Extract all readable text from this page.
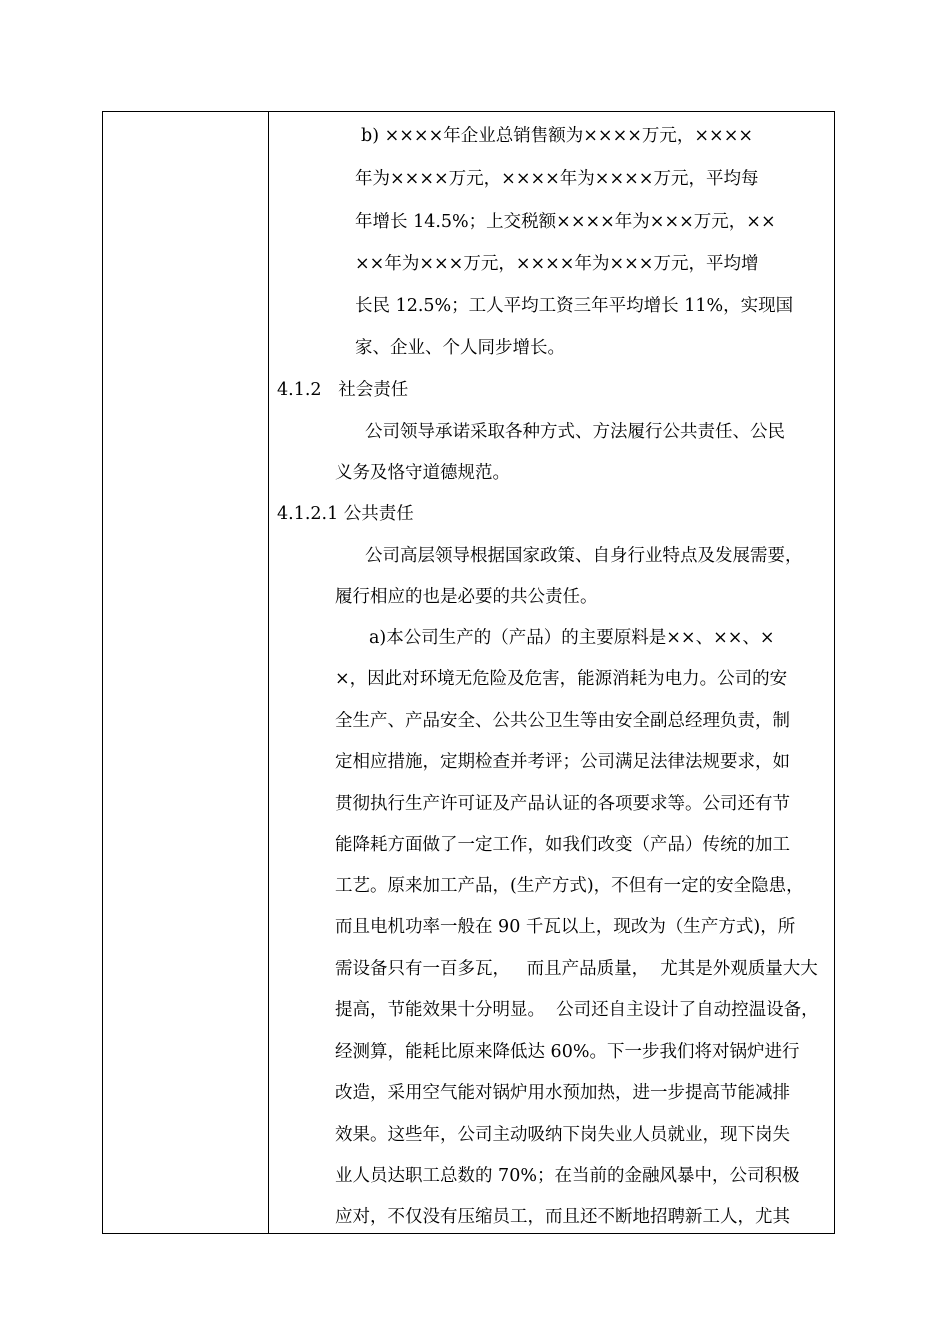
b) ××××年企业总销售额为××××万元，××××
年为××××万元，××××年为××××万元，平均每
年增长 14.5%；上交税额××××年为×××万元，××
××年为×××万元，××××年为×××万元，平均增
长民 12.5%；工人平均工资三年平均增长 11%，实现国
家、企业、个人同步增长。
4.1.2   社会责任
公司领导承诺采取各种方式、方法履行公共责任、公民
义务及恪守道德规范。
4.1.2.1 公共责任
公司高层领导根据国家政策、自身行业特点及发展需要，
履行相应的也是必要的共公责任。
a)本公司生产的（产品）的主要原料是××、××、×
×，因此对环境无危险及危害，能源消耗为电力。公司的安
全生产、产品安全、公共公卫生等由安全副总经理负责，制
定相应措施，定期检查并考评；公司满足法律法规要求，如
贯彻执行生产许可证及产品认证的各项要求等。公司还有节
能降耗方面做了一定工作，如我们改变（产品）传统的加工
工艺。原来加工产品，(生产方式)，不但有一定的安全隐患，
而且电机功率一般在 90 千瓦以上，现改为（生产方式)，所
需设备只有一百多瓦，   而且产品质量，  尤其是外观质量大大
提高，节能效果十分明显。  公司还自主设计了自动控温设备，
经测算，能耗比原来降低达 60%。下一步我们将对锅炉进行
改造，采用空气能对锅炉用水预加热，进一步提高节能减排
效果。这些年，公司主动吸纳下岗失业人员就业，现下岗失
业人员达职工总数的 70%；在当前的金融风暴中，公司积极
应对，不仅没有压缩员工，而且还不断地招聘新工人，尤其
